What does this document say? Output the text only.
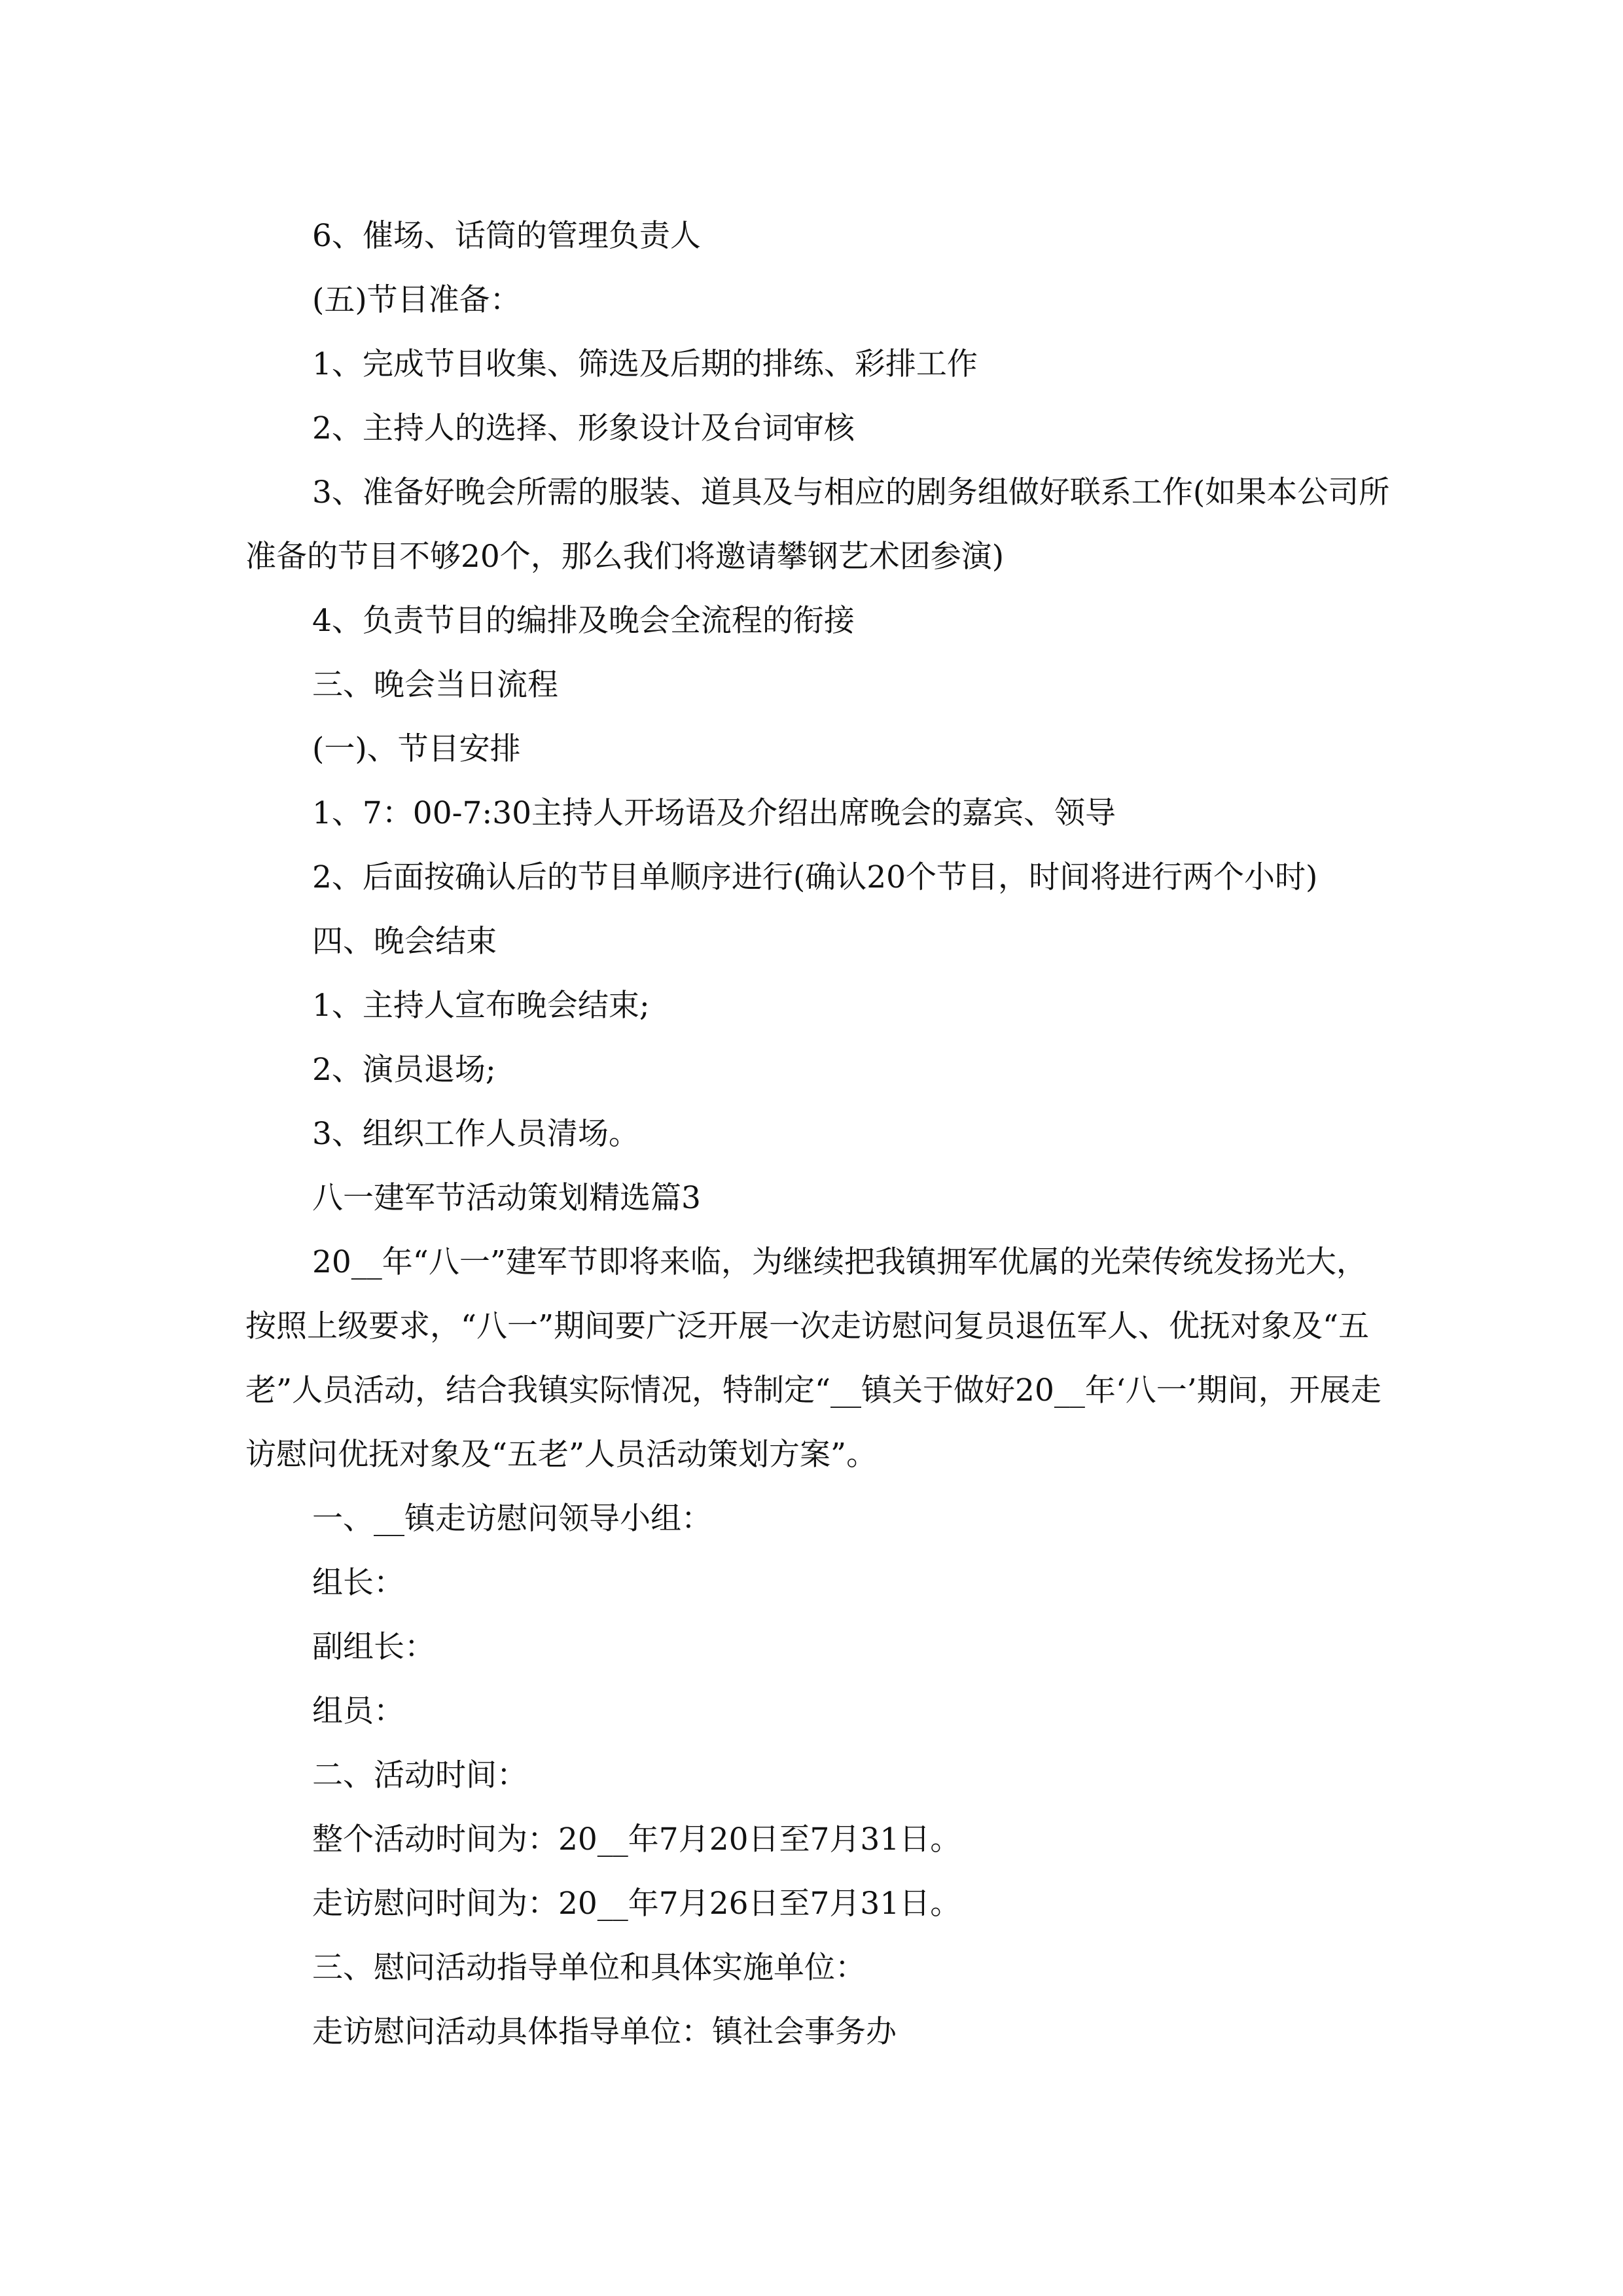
6、催场、话筒的管理负责人

(五)节目准备：

1、完成节目收集、筛选及后期的排练、彩排工作

2、主持人的选择、形象设计及台词审核

3、准备好晚会所需的服装、道具及与相应的剧务组做好联系工作(如果本公司所准备的节目不够20个，那么我们将邀请攀钢艺术团参演)

4、负责节目的编排及晚会全流程的衔接

三、晚会当日流程

(一)、节目安排

1、7：00-7:30主持人开场语及介绍出席晚会的嘉宾、领导

2、后面按确认后的节目单顺序进行(确认20个节目，时间将进行两个小时)

四、晚会结束

1、主持人宣布晚会结束;

2、演员退场;

3、组织工作人员清场。

八一建军节活动策划精选篇3

20__年“八一”建军节即将来临，为继续把我镇拥军优属的光荣传统发扬光大，按照上级要求，“八一”期间要广泛开展一次走访慰问复员退伍军人、优抚对象及“五老”人员活动，结合我镇实际情况，特制定“__镇关于做好20__年‘八一’期间，开展走访慰问优抚对象及“五老”人员活动策划方案”。

一、__镇走访慰问领导小组：

组长：

副组长：

组员：

二、活动时间：

整个活动时间为：20__年7月20日至7月31日。

走访慰问时间为：20__年7月26日至7月31日。

三、慰问活动指导单位和具体实施单位：

走访慰问活动具体指导单位：镇社会事务办
